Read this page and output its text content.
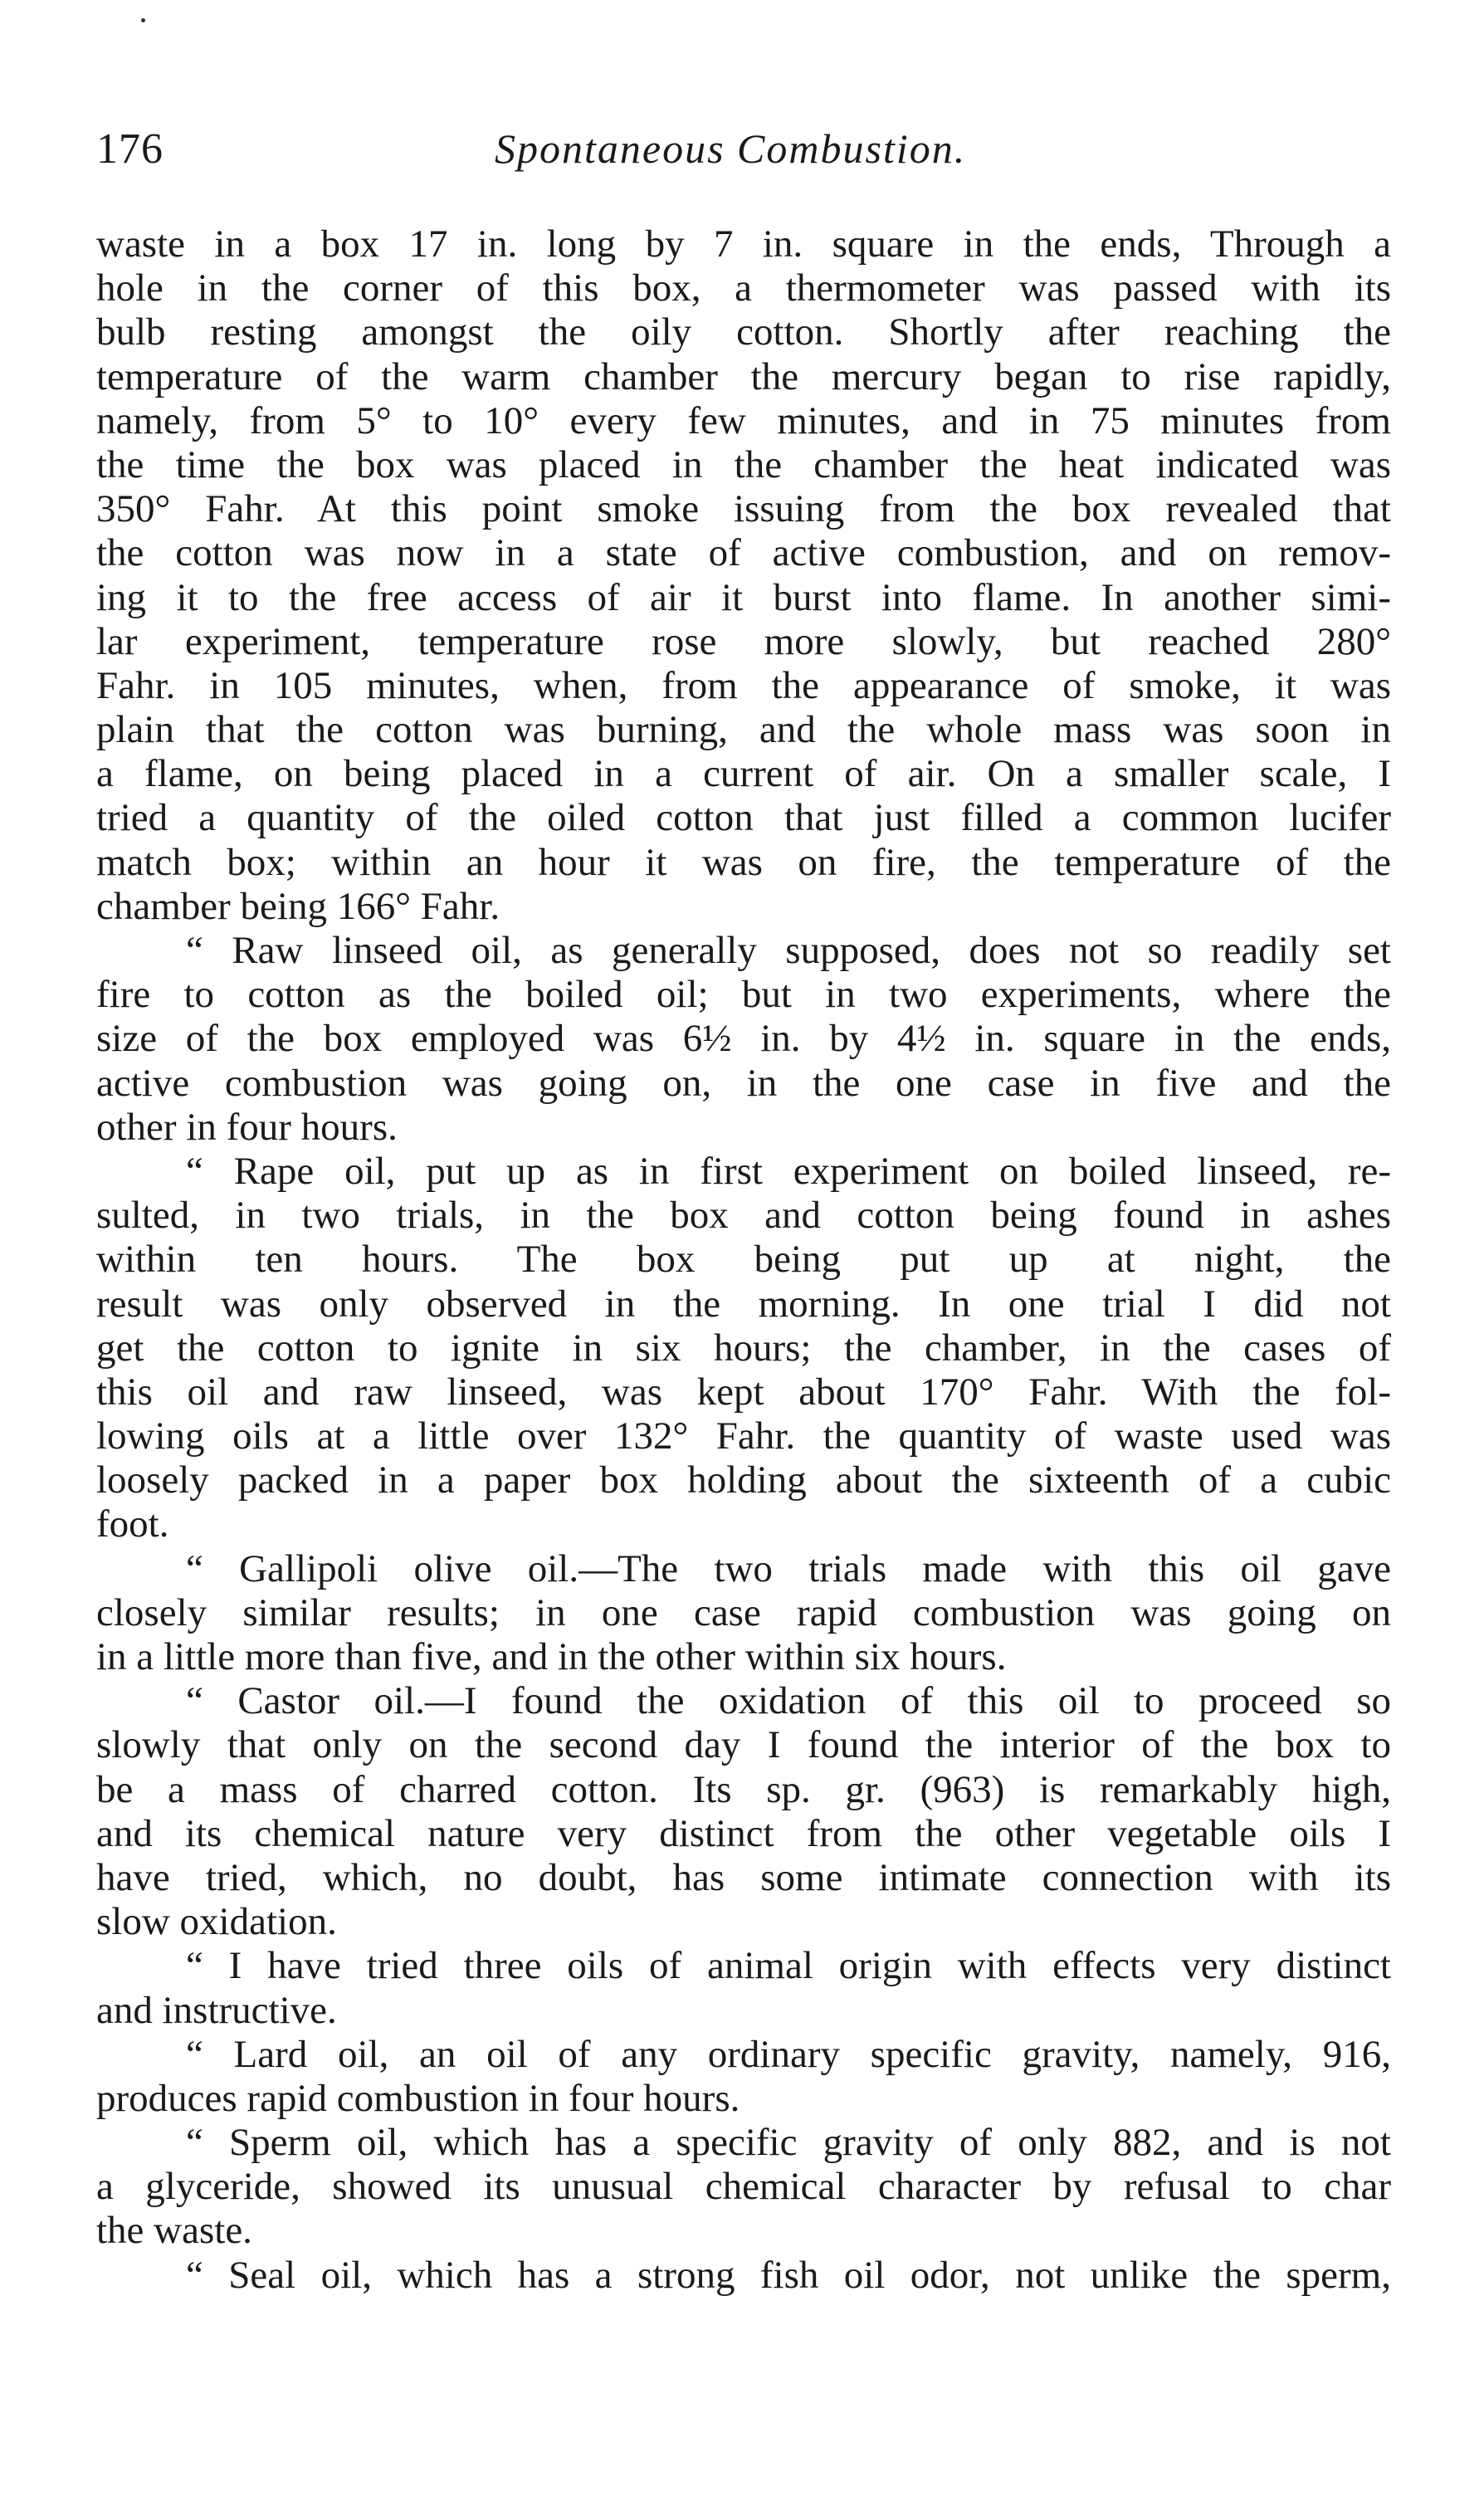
176	Spontaneous Combustion.
waste in a box 17 in. long by 7 in. square in the ends, Through a
hole in the corner of this box, a thermometer was passed with its
bulb resting amongst the oily cotton. Shortly after reaching the
temperature of the warm chamber the mercury began to rise rapidly,
namely, from 5° to 10° every few minutes, and in 75 minutes from
the time the box was placed in the chamber the heat indicated was
350° Fahr. At this point smoke issuing from the box revealed that
the cotton was now in a state of active combustion, and on remov-
ing it to the free access of air it burst into flame. In another simi-
lar experiment, temperature rose more slowly, but reached 280°
Fahr. in 105 minutes, when, from the appearance of smoke, it was
plain that the cotton was burning, and the whole mass was soon in
a flame, on being placed in a current of air. On a smaller scale, I
tried a quantity of the oiled cotton that just filled a common lucifer
match box; within an hour it was on fire, the temperature of the
chamber being 166° Fahr.
“ Raw linseed oil, as generally supposed, does not so readily set
fire to cotton as the boiled oil; but in two experiments, where the
size of the box employed was 6½ in. by 4½ in. square in the ends,
active combustion was going on, in the one case in five and the
other in four hours.
“ Rape oil, put up as in first experiment on boiled linseed, re-
sulted, in two trials, in the box and cotton being found in ashes
within ten hours. The box being put up at night, the
result was only observed in the morning. In one trial I did not
get the cotton to ignite in six hours; the chamber, in the cases of
this oil and raw linseed, was kept about 170° Fahr. With the fol-
lowing oils at a little over 132° Fahr. the quantity of waste used was
loosely packed in a paper box holding about the sixteenth of a cubic
foot.
“ Gallipoli olive oil.—The two trials made with this oil gave
closely similar results; in one case rapid combustion was going on
in a little more than five, and in the other within six hours.
“ Castor oil.—I found the oxidation of this oil to proceed so
slowly that only on the second day I found the interior of the box to
be a mass of charred cotton. Its sp. gr. (963) is remarkably high,
and its chemical nature very distinct from the other vegetable oils I
have tried, which, no doubt, has some intimate connection with its
slow oxidation.
“ I have tried three oils of animal origin with effects very distinct
and instructive.
“ Lard oil, an oil of any ordinary specific gravity, namely, 916,
produces rapid combustion in four hours.
“ Sperm oil, which has a specific gravity of only 882, and is not
a glyceride, showed its unusual chemical character by refusal to char
the waste.
“ Seal oil, which has a strong fish oil odor, not unlike the sperm,
